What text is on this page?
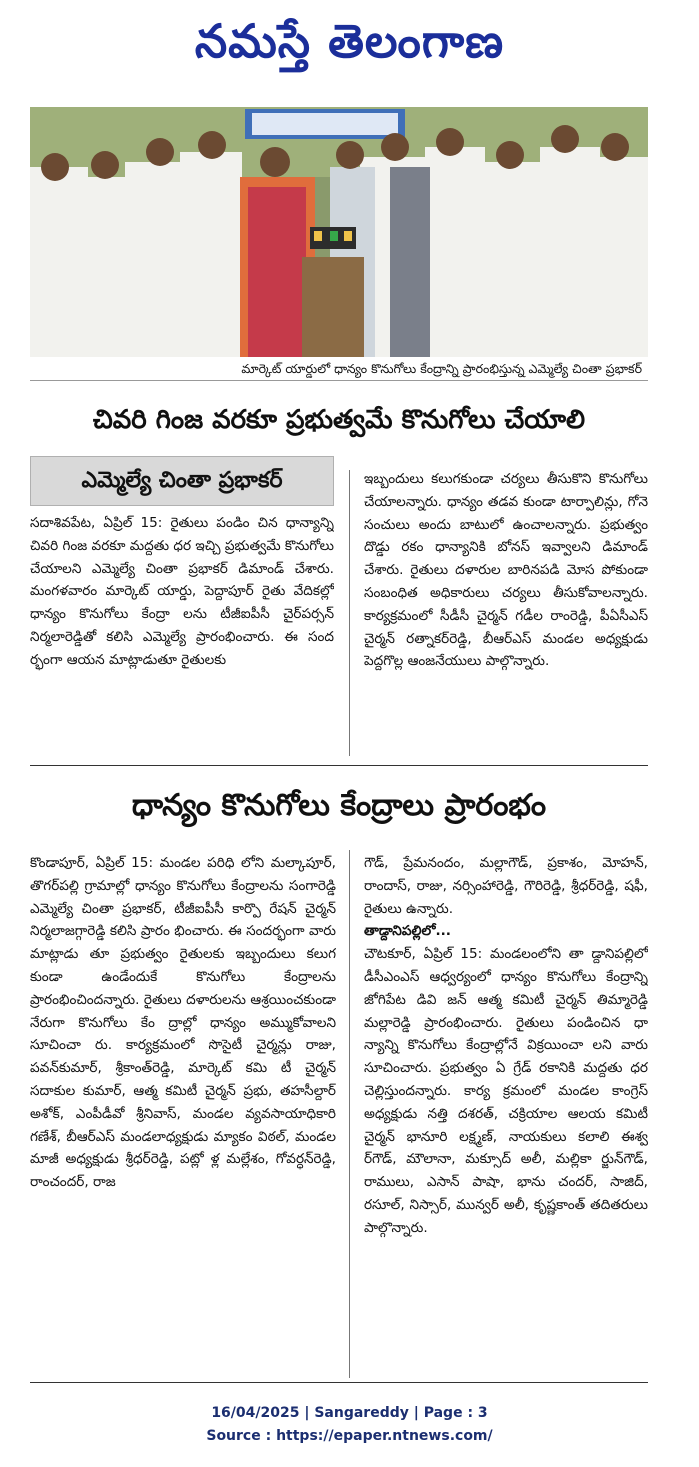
నమస్తే తెలంగాణ
మార్కెట్ యార్డులో ధాన్యం కొనుగోలు కేంద్రాన్ని ప్రారంభిస్తున్న ఎమ్మెల్యే చింతా ప్రభాకర్
చివరి గింజ వరకూ ప్రభుత్వమే కొనుగోలు చేయాలి
ఎమ్మెల్యే చింతా ప్రభాకర్

సదాశివపేట, ఏప్రిల్ 15: రైతులు పండిం చిన ధాన్యాన్ని చివరి గింజ వరకూ మద్దతు ధర ఇచ్చి ప్రభుత్వమే కొనుగోలు చేయాలని ఎమ్మెల్యే చింతా ప్రభాకర్ డిమాండ్ చేశారు. మంగళవారం మార్కెట్ యార్డు, పెద్దాపూర్ రైతు వేదికల్లో ధాన్యం కొనుగోలు కేంద్రా లను టీజీఐపీసీ చైర్‌పర్సన్ నిర్మలారెడ్డితో కలిసి ఎమ్మెల్యే ప్రారంభించారు. ఈ సంద ర్భంగా ఆయన మాట్లాడుతూ రైతులకు

ఇబ్బందులు కలుగకుండా చర్యలు తీసుకొని కొనుగోలు చేయాలన్నారు. ధాన్యం తడవ కుండా టార్పాలిన్లు, గోనె సంచులు అందు బాటులో ఉంచాలన్నారు. ప్రభుత్వం దొడ్డు రకం ధాన్యానికి బోనస్ ఇవ్వాలని డిమాండ్ చేశారు. రైతులు దళారుల బారినపడి మోస పోకుండా సంబంధిత అధికారులు చర్యలు తీసుకోవాలన్నారు. కార్యక్రమంలో సీడీసీ చైర్మన్ గడీల రాంరెడ్డి, పీఏసీఎస్ చైర్మన్ రత్నాకర్‌రెడ్డి, బీఆర్‌ఎస్ మండల అధ్యక్షుడు పెద్దగొల్ల ఆంజనేయులు పాల్గొన్నారు.

ధాన్యం కొనుగోలు కేంద్రాలు ప్రారంభం

కొండాపూర్, ఏప్రిల్ 15: మండల పరిధి లోని మల్కాపూర్, తొగర్‌పల్లి గ్రామాల్లో ధాన్యం కొనుగోలు కేంద్రాలను సంగారెడ్డి ఎమ్మెల్యే చింతా ప్రభాకర్, టీజీఐపీసీ కార్పొ రేషన్ చైర్మన్ నిర్మలాజగ్గారెడ్డి కలిసి ప్రారం భించారు. ఈ సందర్భంగా వారు మాట్లాడు తూ ప్రభుత్వం రైతులకు ఇబ్బందులు కలుగ కుండా ఉండేందుకే కొనుగోలు కేంద్రాలను ప్రారంభించిందన్నారు. రైతులు దళారులను ఆశ్రయించకుండా నేరుగా కొనుగోలు కేం ద్రాల్లో ధాన్యం అమ్ముకోవాలని సూచించా రు. కార్యక్రమంలో సొసైటీ చైర్మన్లు రాజు, పవన్‌కుమార్, శ్రీకాంత్‌రెడ్డి, మార్కెట్ కమి టీ చైర్మన్ సదాకుల కుమార్, ఆత్మ కమిటీ చైర్మన్ ప్రభు, తహసీల్దార్ అశోక్, ఎంపీడీవో శ్రీనివాస్, మండల వ్యవసాయాధికారి గణేశ్, బీఆర్‌ఎస్ మండలాధ్యక్షుడు మ్యాకం విఠల్, మండల మాజీ అధ్యక్షుడు శ్రీధర్‌రెడ్డి, పట్లో ళ్ల మల్లేశం, గోవర్ధన్‌రెడ్డి, రాంచందర్, రాజ

గౌడ్, ప్రేమనందం, మల్లాగౌడ్, ప్రకాశం, మోహన్, రాందాస్, రాజు, నర్సింహారెడ్డి, గౌరిరెడ్డి, శ్రీధర్‌రెడ్డి, షఫీ, రైతులు ఉన్నారు.

తాడ్దానిపల్లిలో...

చౌటకూర్, ఏప్రిల్ 15: మండలంలోని తా డ్దానిపల్లిలో డీసీఎంఎస్ ఆధ్వర్యంలో ధాన్యం కొనుగోలు కేంద్రాన్ని జోగిపేట డివి జన్ ఆత్మ కమిటీ చైర్మన్ తిమ్మారెడ్డి మల్లారెడ్డి ప్రారంభించారు. రైతులు పండించిన ధా న్యాన్ని కొనుగోలు కేంద్రాల్లోనే విక్రయించా లని వారు సూచించారు. ప్రభుత్వం ఏ గ్రేడ్ రకానికి మద్దతు ధర చెల్లిస్తుందన్నారు. కార్య క్రమంలో మండల కాంగ్రెస్ అధ్యక్షుడు నత్తి దశరత్, చక్రియాల ఆలయ కమిటీ చైర్మన్ భానూరి లక్ష్మణ్, నాయకులు కలాలి ఈశ్వ ర్‌గౌడ్, మౌలానా, మక్సూద్ అలీ, మల్లికా ర్జున్‌గౌడ్, రాములు, ఎసాన్ పాషా, భాను చందర్, సాజిద్, రసూల్, నిస్సార్, మున్వర్ అలీ, కృష్ణకాంత్ తదితరులు పాల్గొన్నారు.

16/04/2025 | Sangareddy | Page : 3
Source : https://epaper.ntnews.com/
